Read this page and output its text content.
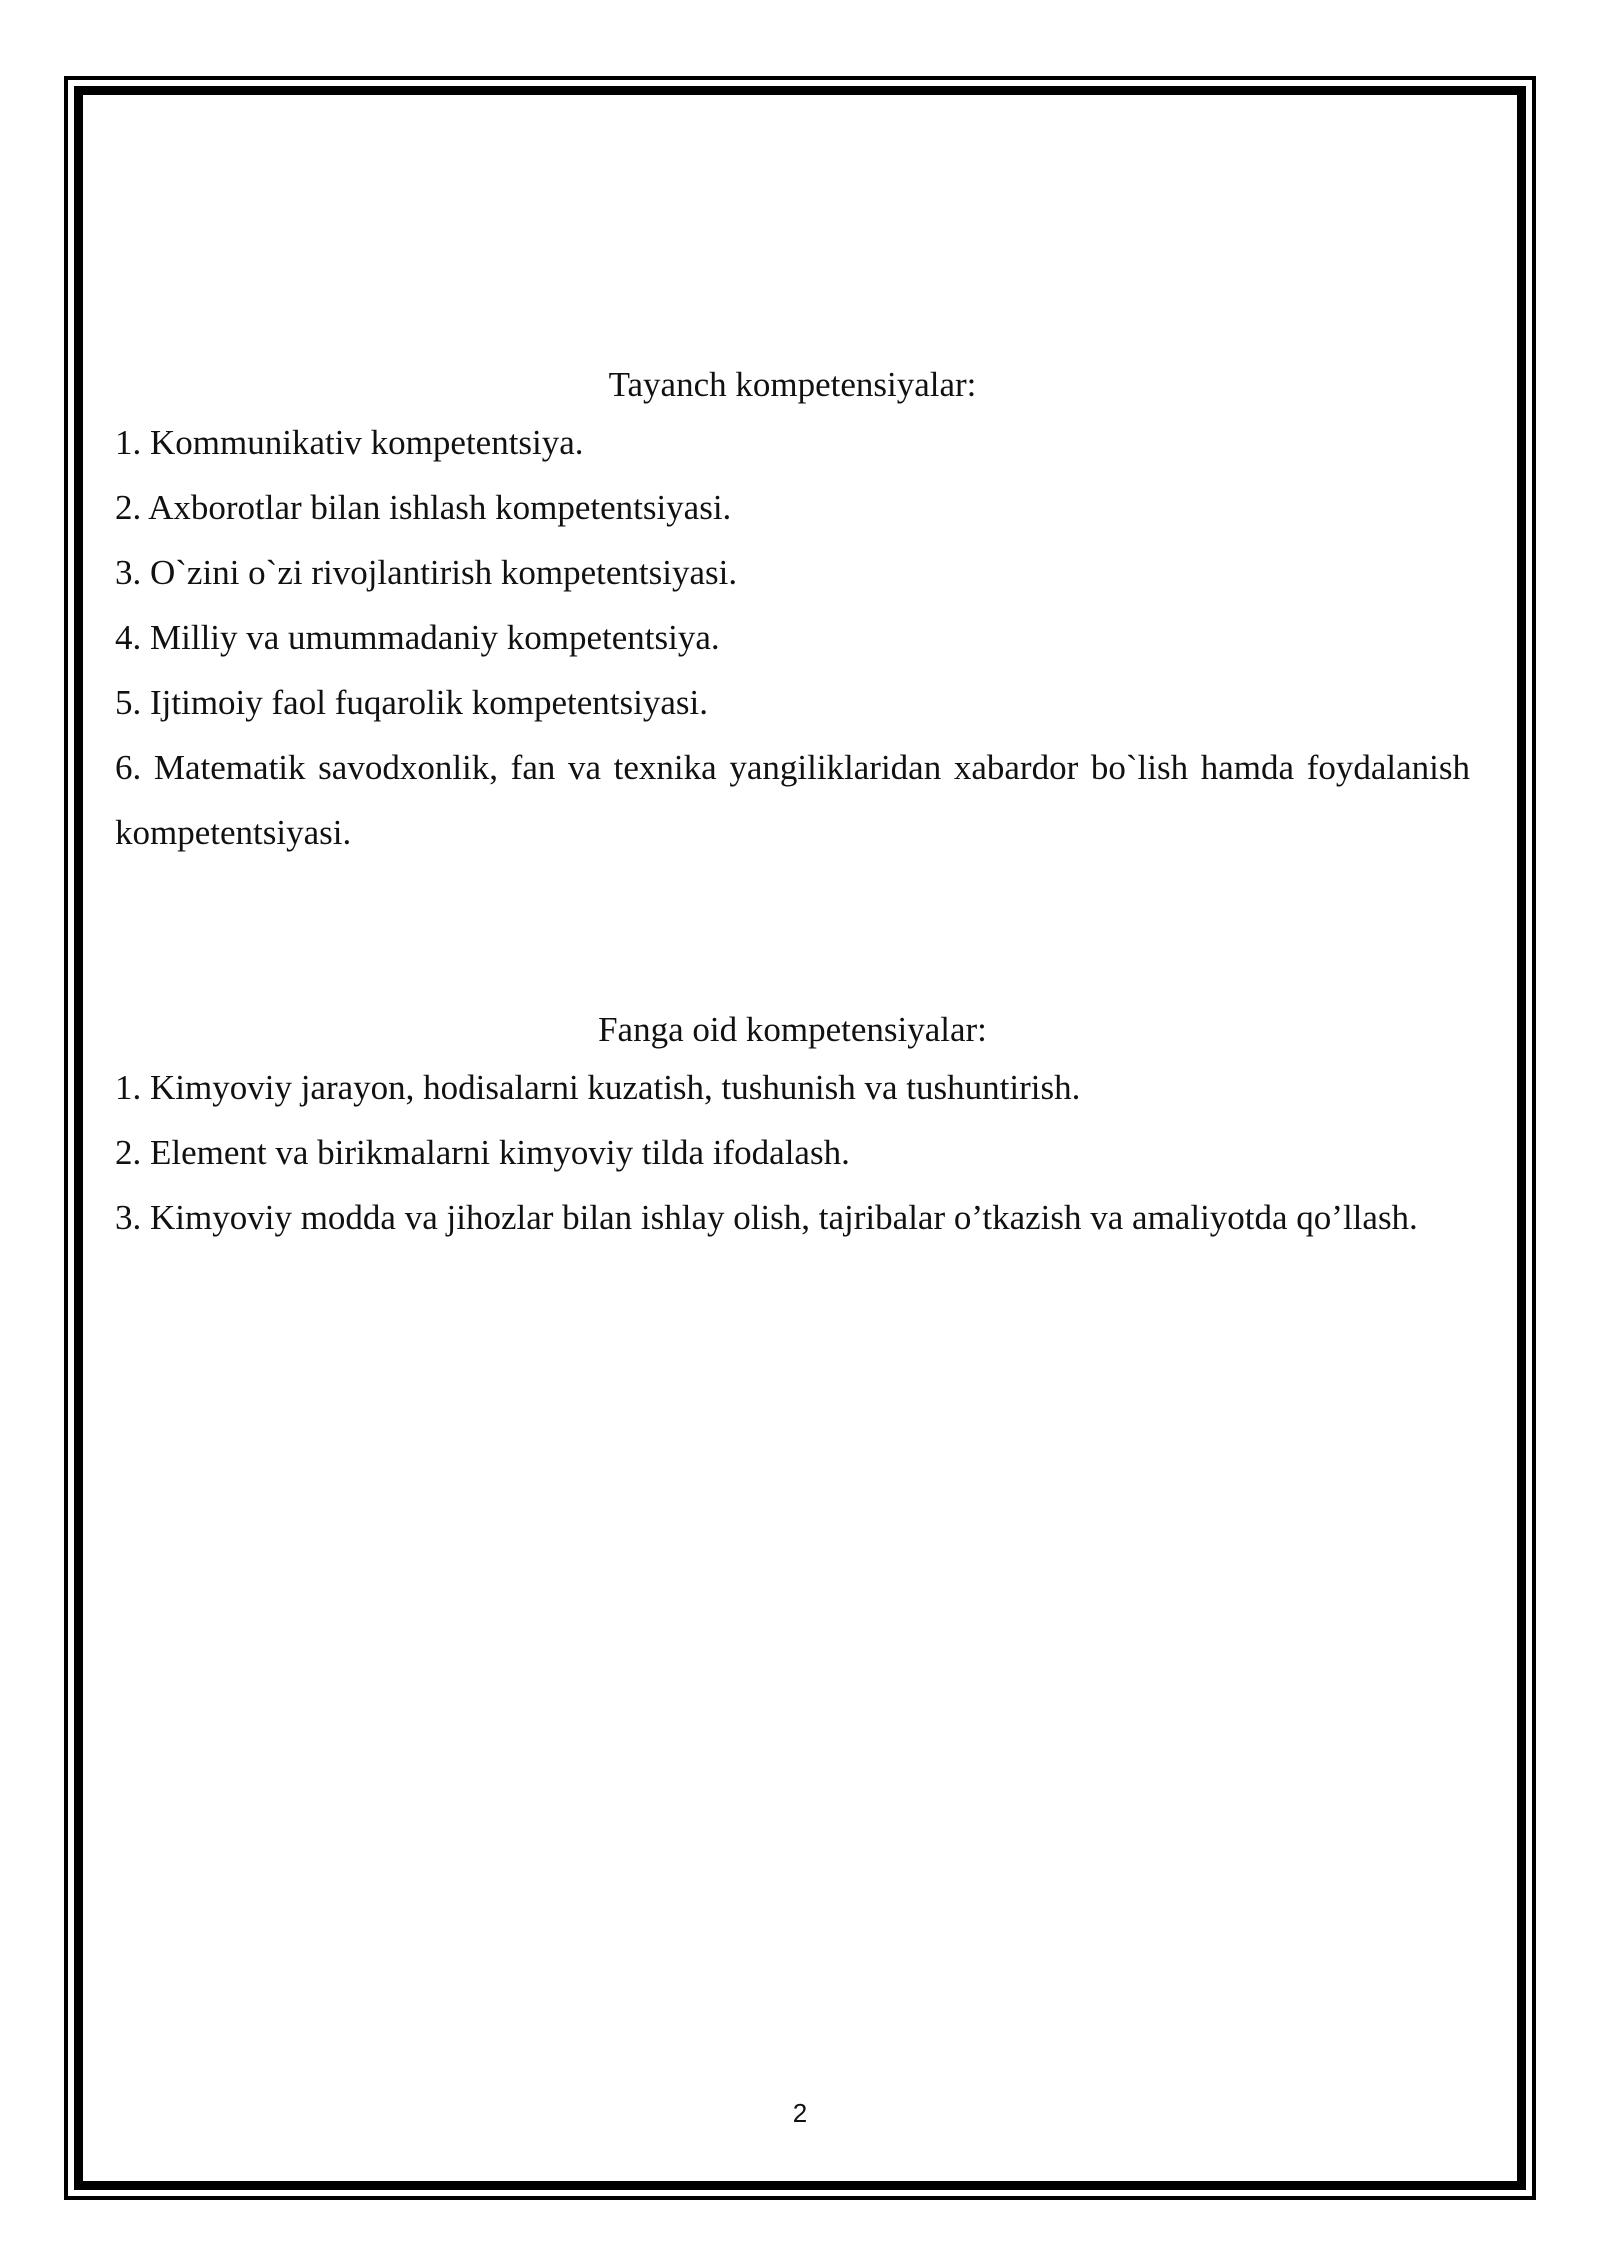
Tayanch kompetensiyalar:

1. Kommunikativ kompetentsiya.
2. Axborotlar bilan ishlash kompetentsiyasi.
3. O`zini o`zi rivojlantirish kompetentsiyasi.
4. Milliy va umummadaniy kompetentsiya.
5. Ijtimoiy faol fuqarolik kompetentsiyasi.
6. Matematik savodxonlik, fan va texnika yangiliklaridan xabardor bo`lish hamda foydalanish kompetentsiyasi.

Fanga oid kompetensiyalar:

1. Kimyoviy jarayon, hodisalarni kuzatish, tushunish va tushuntirish.
2. Element va birikmalarni kimyoviy tilda ifodalash.
3. Kimyoviy modda va jihozlar bilan ishlay olish, tajribalar o’tkazish va amaliyotda qo’llash.
2
